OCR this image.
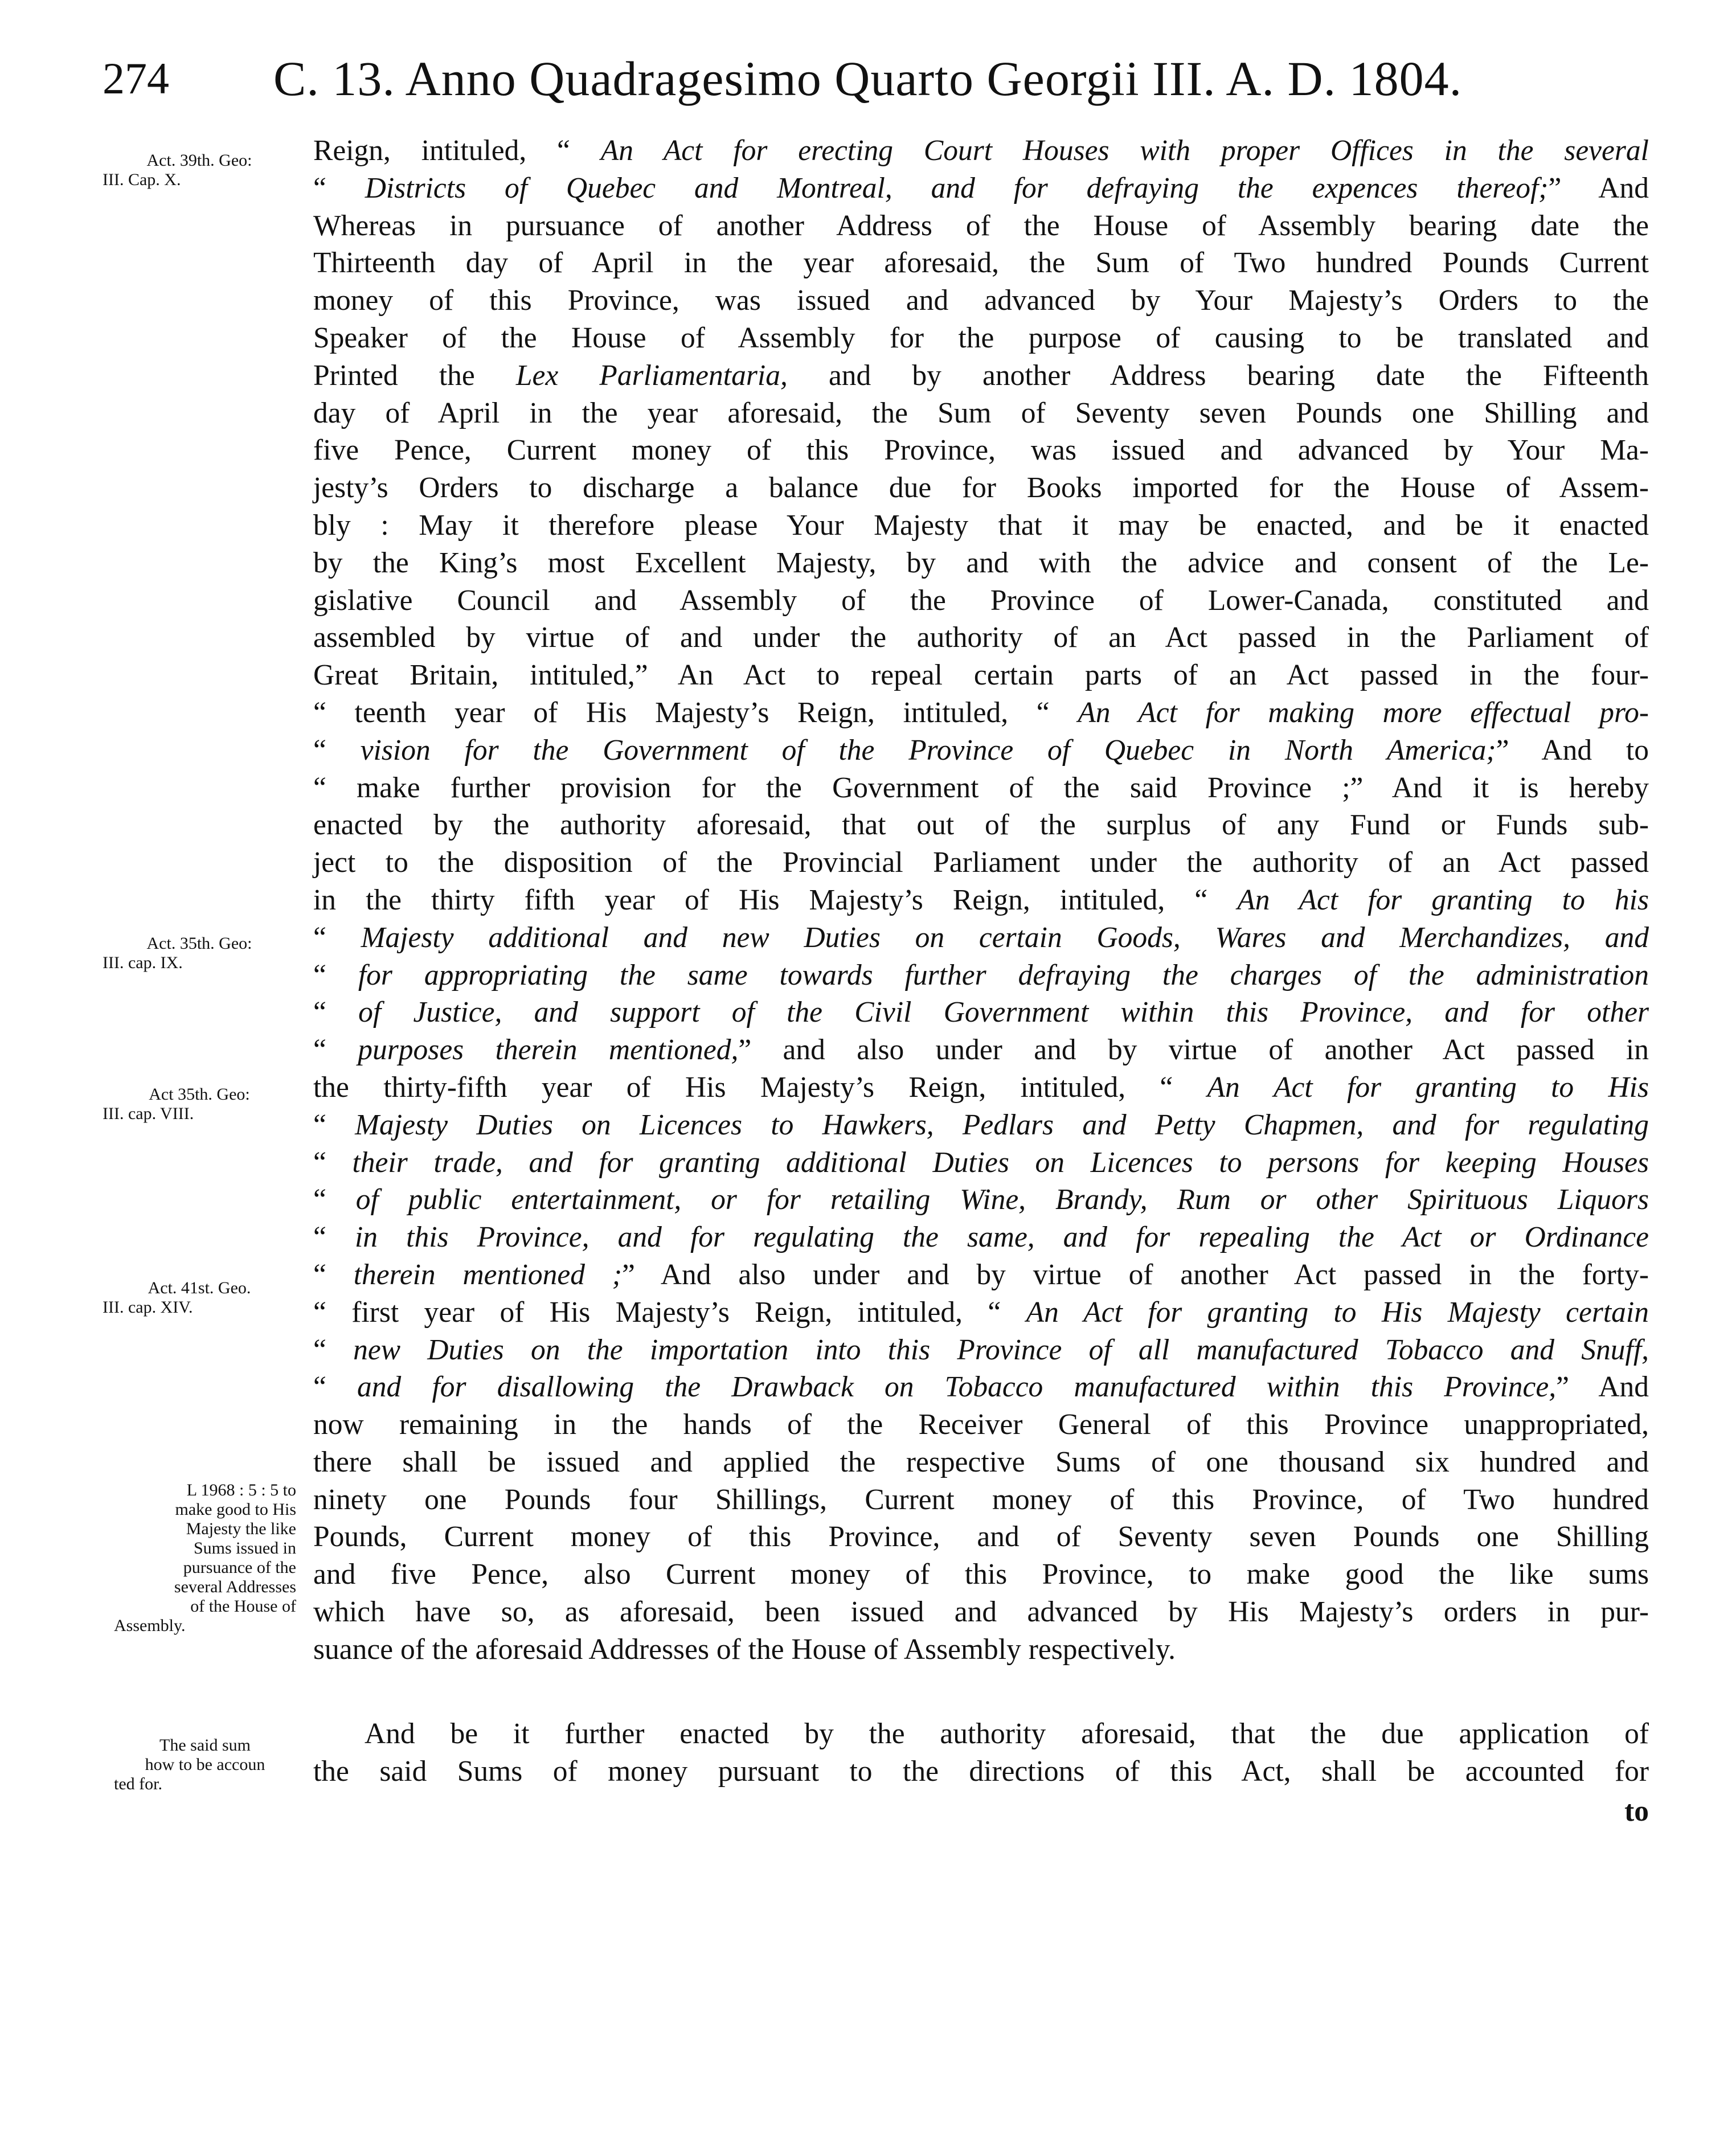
274 C. 13. Anno Quadragesimo Quarto Georgii III. A. D. 1804.
Act. 39th. Geo:
III. Cap. X.
Act. 35th. Geo:
III. cap. IX.
Act 35th. Geo:
III. cap. VIII.
Act. 41st. Geo.
III. cap. XIV.
L 1968 : 5 : 5 to
make good to His
Majesty the like
Sums issued in
pursuance of the
several Addresses
of the House of
Assembly.
The said sum
how to be accoun
ted for.
Reign, intituled, “ An Act for erecting Court Houses with proper Offices in the several
“ Districts of Quebec and Montreal, and for defraying the expences thereof;” And
Whereas in pursuance of another Address of the House of Assembly bearing date the
Thirteenth day of April in the year aforesaid, the Sum of Two hundred Pounds Current
money of this Province, was issued and advanced by Your Majesty’s Orders to the
Speaker of the House of Assembly for the purpose of causing to be translated and
Printed the Lex Parliamentaria, and by another Address bearing date the Fifteenth
day of April in the year aforesaid, the Sum of Seventy seven Pounds one Shilling and
five Pence, Current money of this Province, was issued and advanced by Your Ma-
jesty’s Orders to discharge a balance due for Books imported for the House of Assem-
bly : May it therefore please Your Majesty that it may be enacted, and be it enacted
by the King’s most Excellent Majesty, by and with the advice and consent of the Le-
gislative Council and Assembly of the Province of Lower-Canada, constituted and
assembled by virtue of and under the authority of an Act passed in the Parliament of
Great Britain, intituled,” An Act to repeal certain parts of an Act passed in the four-
“ teenth year of His Majesty’s Reign, intituled, “ An Act for making more effectual pro-
“ vision for the Government of the Province of Quebec in North America;” And to
“ make further provision for the Government of the said Province ;” And it is hereby
enacted by the authority aforesaid, that out of the surplus of any Fund or Funds sub-
ject to the disposition of the Provincial Parliament under the authority of an Act passed
in the thirty fifth year of His Majesty’s Reign, intituled, “ An Act for granting to his
“ Majesty additional and new Duties on certain Goods, Wares and Merchandizes, and
“ for appropriating the same towards further defraying the charges of the administration
“ of Justice, and support of the Civil Government within this Province, and for other
“ purposes therein mentioned,” and also under and by virtue of another Act passed in
the thirty-fifth year of His Majesty’s Reign, intituled, “ An Act for granting to His
“ Majesty Duties on Licences to Hawkers, Pedlars and Petty Chapmen, and for regulating
“ their trade, and for granting additional Duties on Licences to persons for keeping Houses
“ of public entertainment, or for retailing Wine, Brandy, Rum or other Spirituous Liquors
“ in this Province, and for regulating the same, and for repealing the Act or Ordinance
“ therein mentioned ;” And also under and by virtue of another Act passed in the forty-
“ first year of His Majesty’s Reign, intituled, “ An Act for granting to His Majesty certain
“ new Duties on the importation into this Province of all manufactured Tobacco and Snuff,
“ and for disallowing the Drawback on Tobacco manufactured within this Province,” And
now remaining in the hands of the Receiver General of this Province unappropriated,
there shall be issued and applied the respective Sums of one thousand six hundred and
ninety one Pounds four Shillings, Current money of this Province, of Two hundred
Pounds, Current money of this Province, and of Seventy seven Pounds one Shilling
and five Pence, also Current money of this Province, to make good the like sums
which have so, as aforesaid, been issued and advanced by His Majesty’s orders in pur-
suance of the aforesaid Addresses of the House of Assembly respectively.
And be it further enacted by the authority aforesaid, that the due application of
the said Sums of money pursuant to the directions of this Act, shall be accounted for
to
